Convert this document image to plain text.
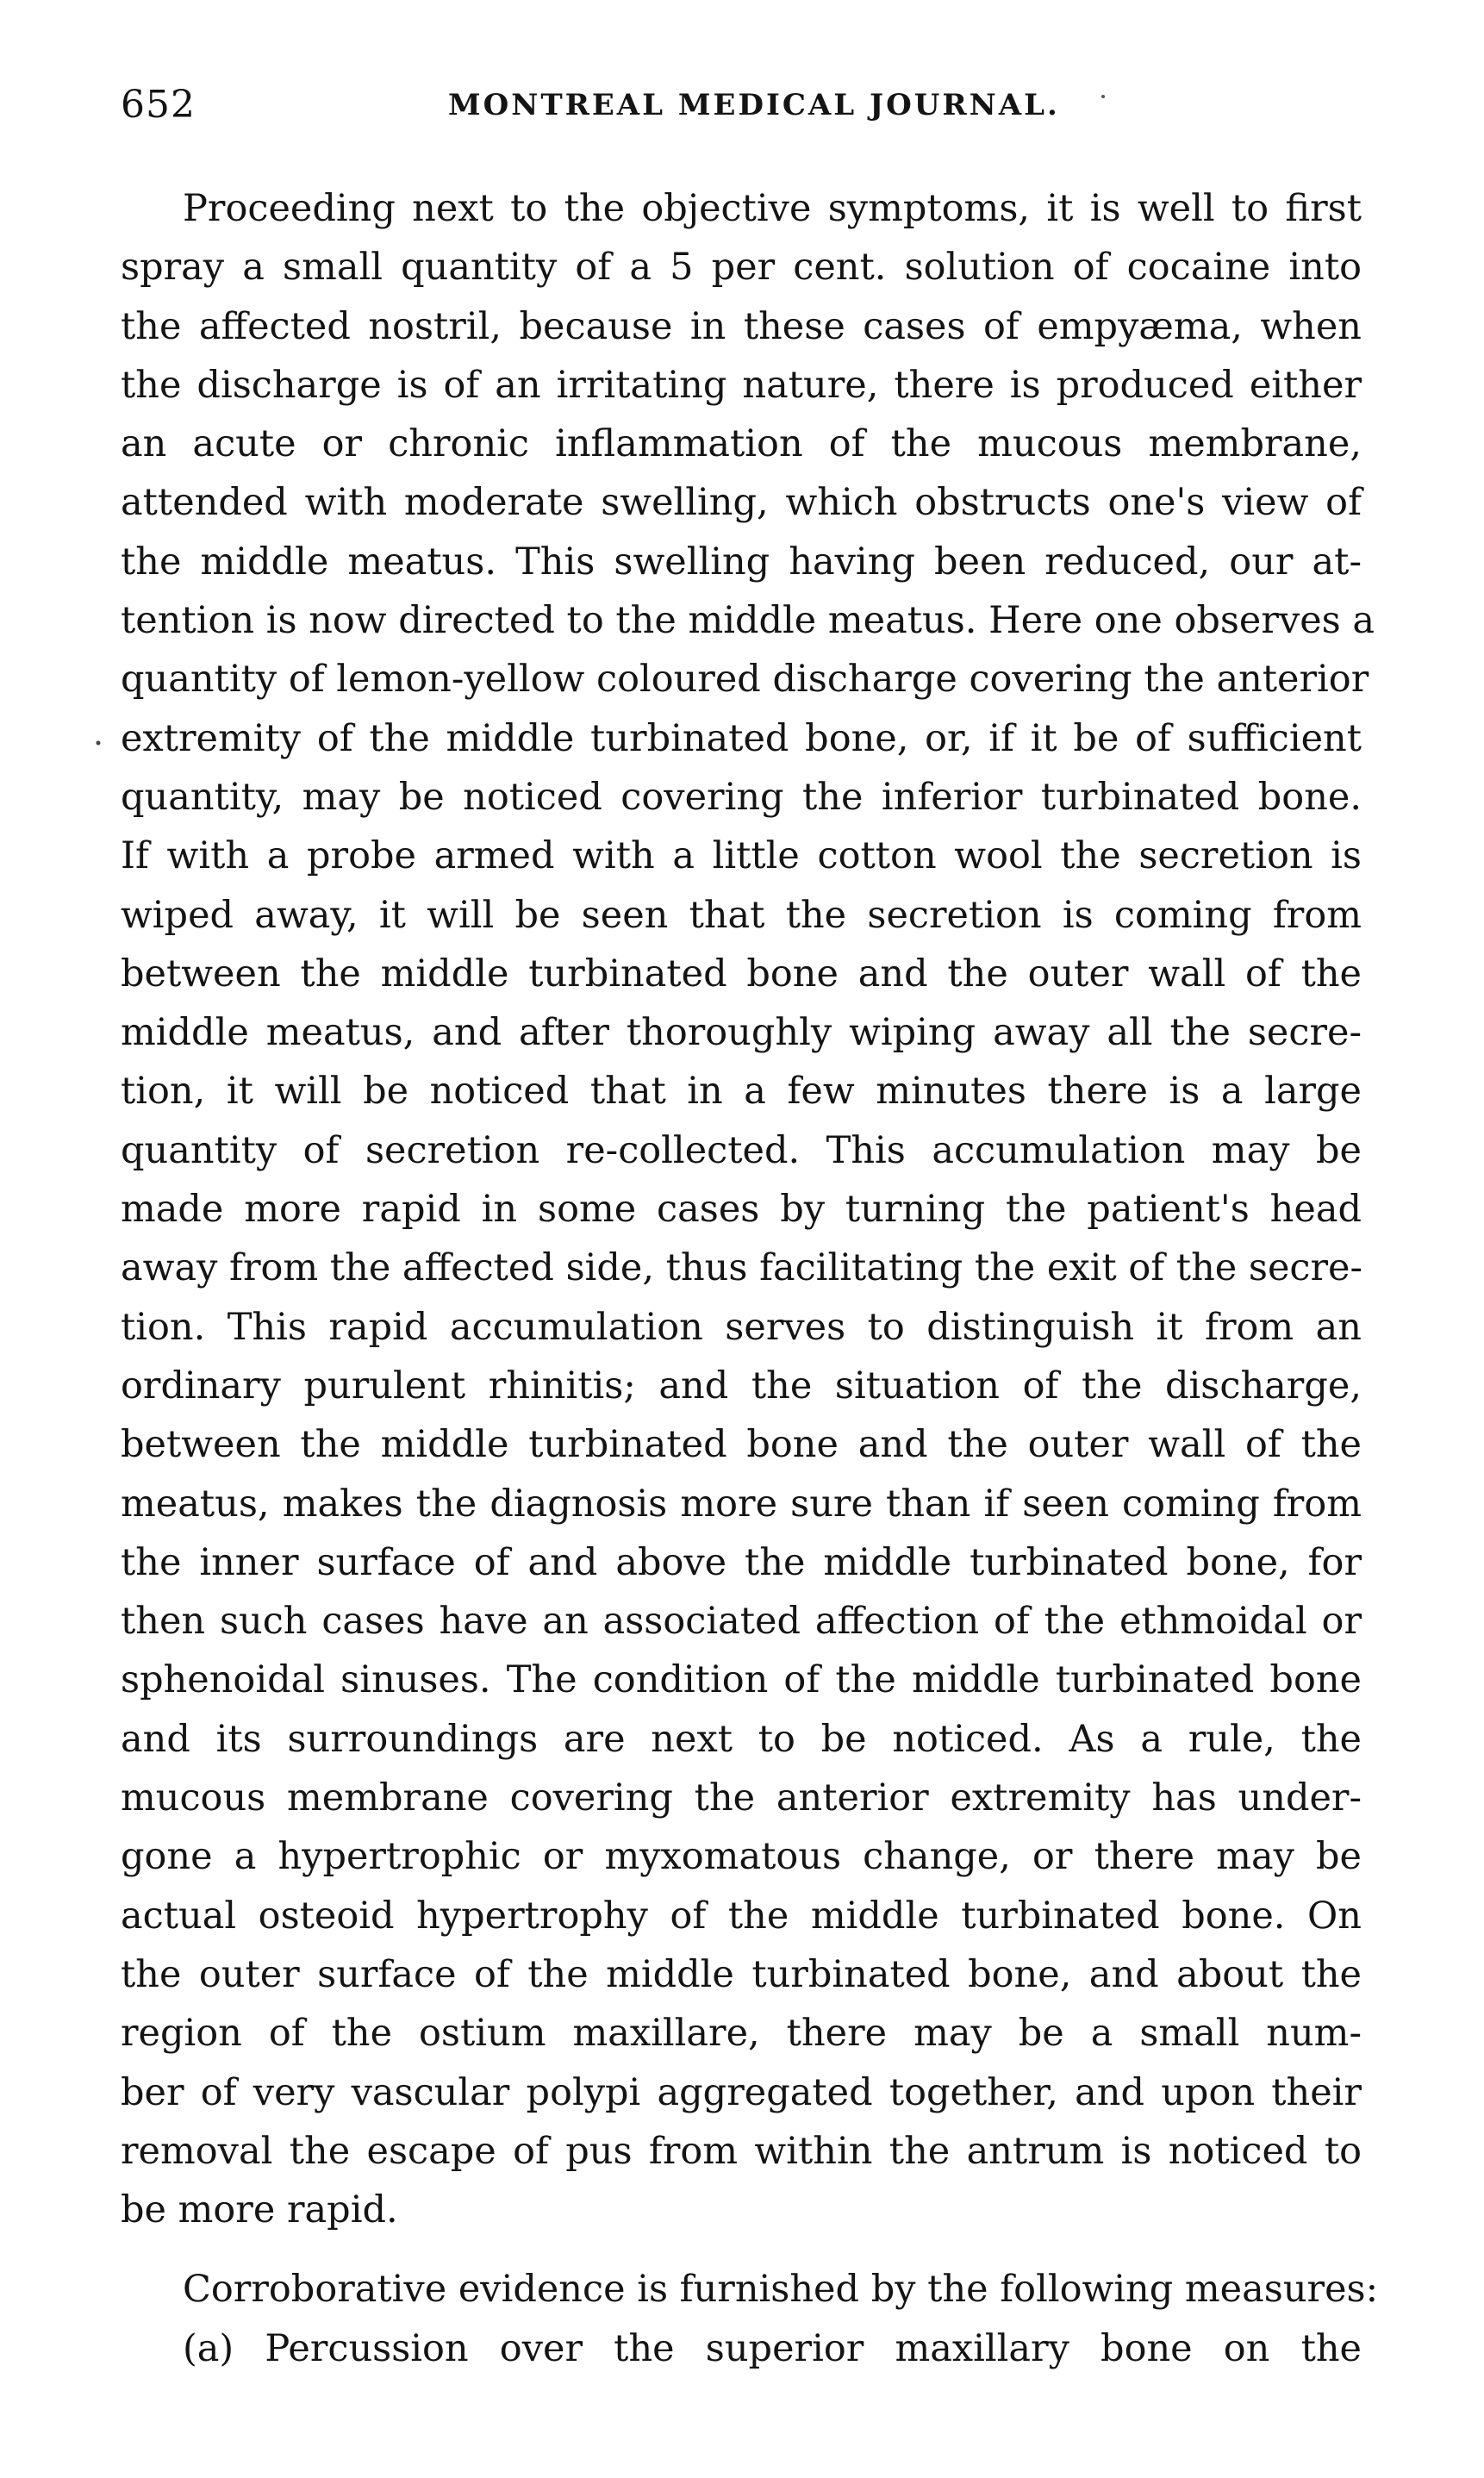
652	MONTREAL MEDICAL JOURNAL.
Proceeding next to the objective symptoms, it is well to first
spray a small quantity of a 5 per cent. solution of cocaine into
the affected nostril, because in these cases of empyæma, when
the discharge is of an irritating nature, there is produced either
an acute or chronic inflammation of the mucous membrane,
attended with moderate swelling, which obstructs one's view of
the middle meatus. This swelling having been reduced, our at-
tention is now directed to the middle meatus. Here one observes a
quantity of lemon-yellow coloured discharge covering the anterior
extremity of the middle turbinated bone, or, if it be of sufficient
quantity, may be noticed covering the inferior turbinated bone.
If with a probe armed with a little cotton wool the secretion is
wiped away, it will be seen that the secretion is coming from
between the middle turbinated bone and the outer wall of the
middle meatus, and after thoroughly wiping away all the secre-
tion, it will be noticed that in a few minutes there is a large
quantity of secretion re-collected. This accumulation may be
made more rapid in some cases by turning the patient's head
away from the affected side, thus facilitating the exit of the secre-
tion. This rapid accumulation serves to distinguish it from an
ordinary purulent rhinitis; and the situation of the discharge,
between the middle turbinated bone and the outer wall of the
meatus, makes the diagnosis more sure than if seen coming from
the inner surface of and above the middle turbinated bone, for
then such cases have an associated affection of the ethmoidal or
sphenoidal sinuses. The condition of the middle turbinated bone
and its surroundings are next to be noticed. As a rule, the
mucous membrane covering the anterior extremity has under-
gone a hypertrophic or myxomatous change, or there may be
actual osteoid hypertrophy of the middle turbinated bone. On
the outer surface of the middle turbinated bone, and about the
region of the ostium maxillare, there may be a small num-
ber of very vascular polypi aggregated together, and upon their
removal the escape of pus from within the antrum is noticed to
be more rapid.
Corroborative evidence is furnished by the following measures:
(a) Percussion over the superior maxillary bone on the
